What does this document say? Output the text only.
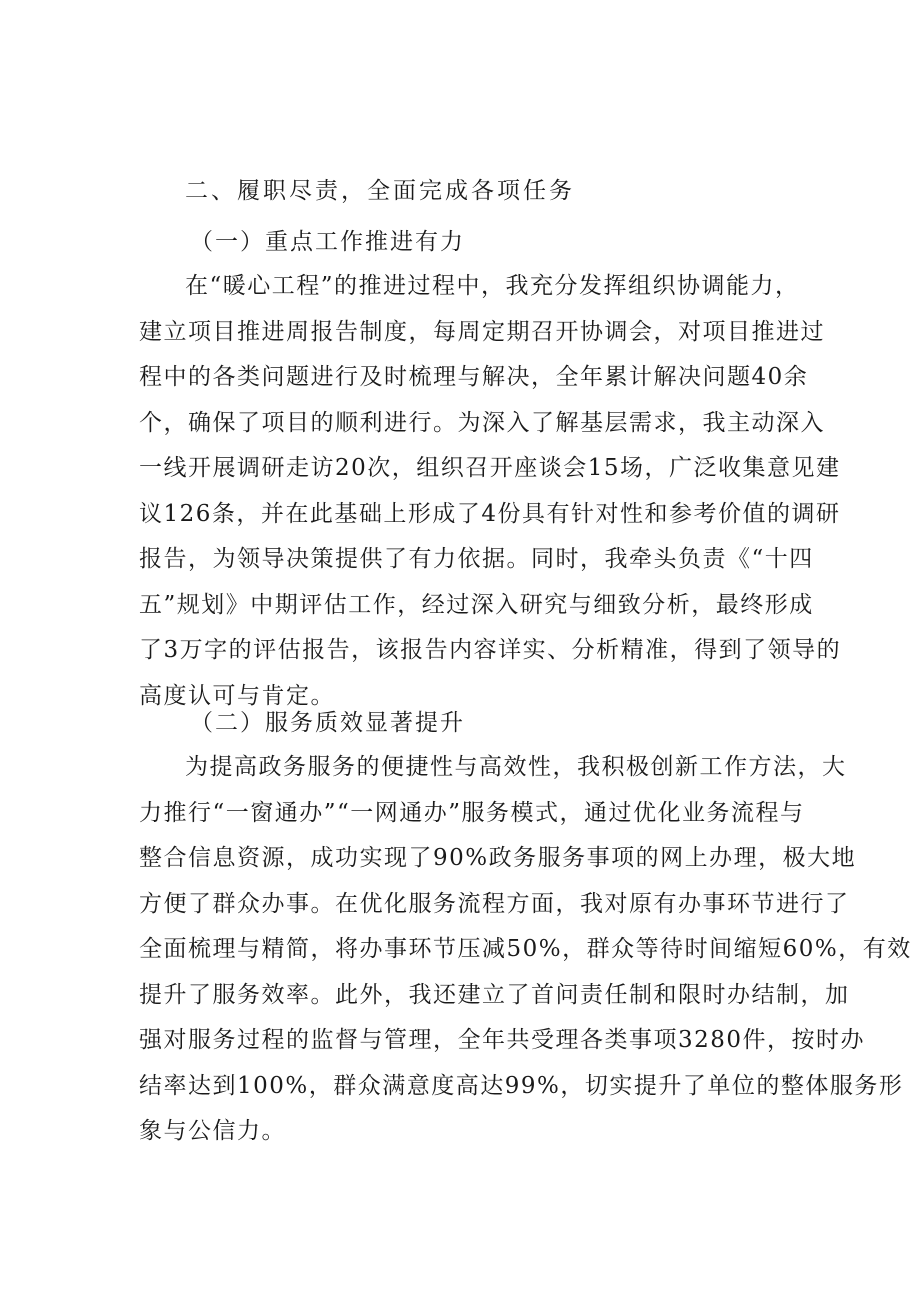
二、履职尽责，全面完成各项任务
（一）重点工作推进有力
在“暖心工程”的推进过程中，我充分发挥组织协调能力，
建立项目推进周报告制度，每周定期召开协调会，对项目推进过
程中的各类问题进行及时梳理与解决，全年累计解决问题40余
个，确保了项目的顺利进行。为深入了解基层需求，我主动深入
一线开展调研走访20次，组织召开座谈会15场，广泛收集意见建
议126条，并在此基础上形成了4份具有针对性和参考价值的调研
报告，为领导决策提供了有力依据。同时，我牵头负责《“十四
五”规划》中期评估工作，经过深入研究与细致分析，最终形成
了3万字的评估报告，该报告内容详实、分析精准，得到了领导的
高度认可与肯定。
（二）服务质效显著提升
为提高政务服务的便捷性与高效性，我积极创新工作方法，大
力推行“一窗通办”“一网通办”服务模式，通过优化业务流程与
整合信息资源，成功实现了90%政务服务事项的网上办理，极大地
方便了群众办事。在优化服务流程方面，我对原有办事环节进行了
全面梳理与精简，将办事环节压减50%，群众等待时间缩短60%，有效
提升了服务效率。此外，我还建立了首问责任制和限时办结制，加
强对服务过程的监督与管理，全年共受理各类事项3280件，按时办
结率达到100%，群众满意度高达99%，切实提升了单位的整体服务形
象与公信力。
